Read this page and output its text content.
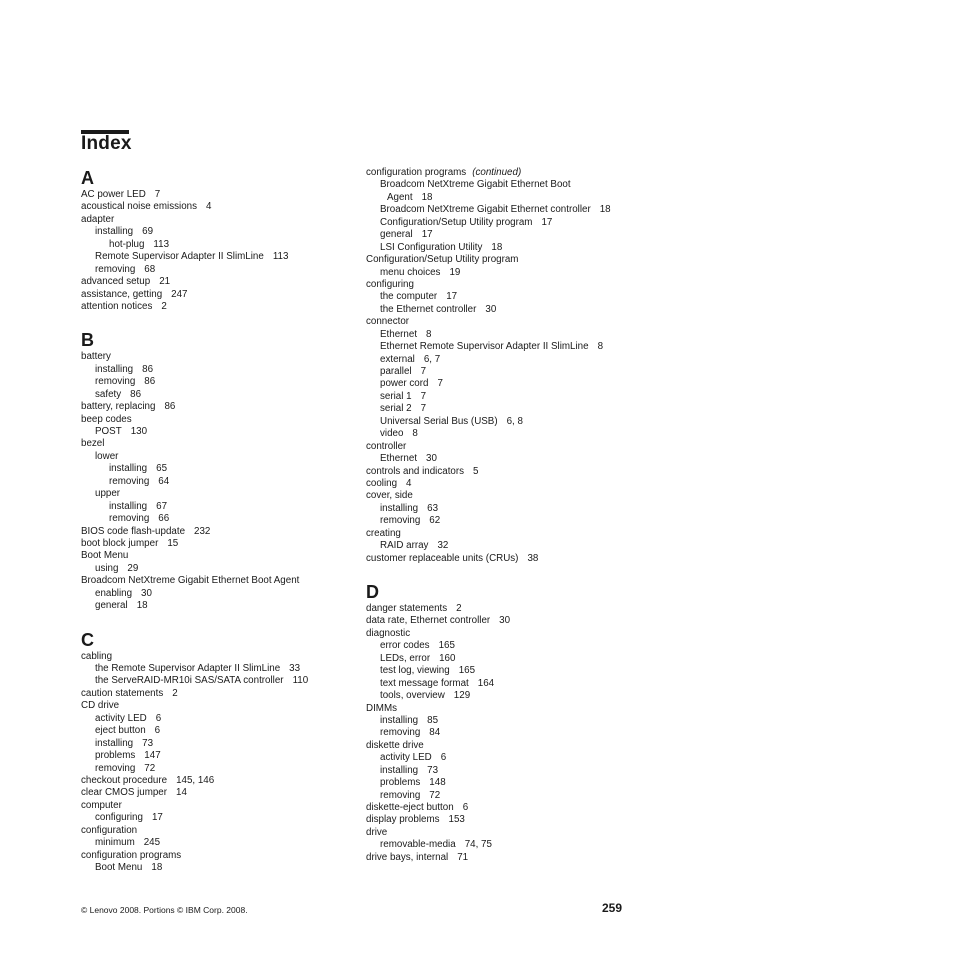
Index
A
AC power LED 7
acoustical noise emissions 4
adapter
installing 69
hot-plug 113
Remote Supervisor Adapter II SlimLine 113
removing 68
advanced setup 21
assistance, getting 247
attention notices 2
B
battery
installing 86
removing 86
safety 86
battery, replacing 86
beep codes
POST 130
bezel
lower
installing 65
removing 64
upper
installing 67
removing 66
BIOS code flash-update 232
boot block jumper 15
Boot Menu
using 29
Broadcom NetXtreme Gigabit Ethernet Boot Agent
enabling 30
general 18
C
cabling
the Remote Supervisor Adapter II SlimLine 33
the ServeRAID-MR10i SAS/SATA controller 110
caution statements 2
CD drive
activity LED 6
eject button 6
installing 73
problems 147
removing 72
checkout procedure 145, 146
clear CMOS jumper 14
computer
configuring 17
configuration
minimum 245
configuration programs
Boot Menu 18
configuration programs (continued)
Broadcom NetXtreme Gigabit Ethernet Boot
Agent 18
Broadcom NetXtreme Gigabit Ethernet controller 18
Configuration/Setup Utility program 17
general 17
LSI Configuration Utility 18
Configuration/Setup Utility program
menu choices 19
configuring
the computer 17
the Ethernet controller 30
connector
Ethernet 8
Ethernet Remote Supervisor Adapter II SlimLine 8
external 6, 7
parallel 7
power cord 7
serial 1 7
serial 2 7
Universal Serial Bus (USB) 6, 8
video 8
controller
Ethernet 30
controls and indicators 5
cooling 4
cover, side
installing 63
removing 62
creating
RAID array 32
customer replaceable units (CRUs) 38
D
danger statements 2
data rate, Ethernet controller 30
diagnostic
error codes 165
LEDs, error 160
test log, viewing 165
text message format 164
tools, overview 129
DIMMs
installing 85
removing 84
diskette drive
activity LED 6
installing 73
problems 148
removing 72
diskette-eject button 6
display problems 153
drive
removable-media 74, 75
drive bays, internal 71
© Lenovo 2008. Portions © IBM Corp. 2008.	259
